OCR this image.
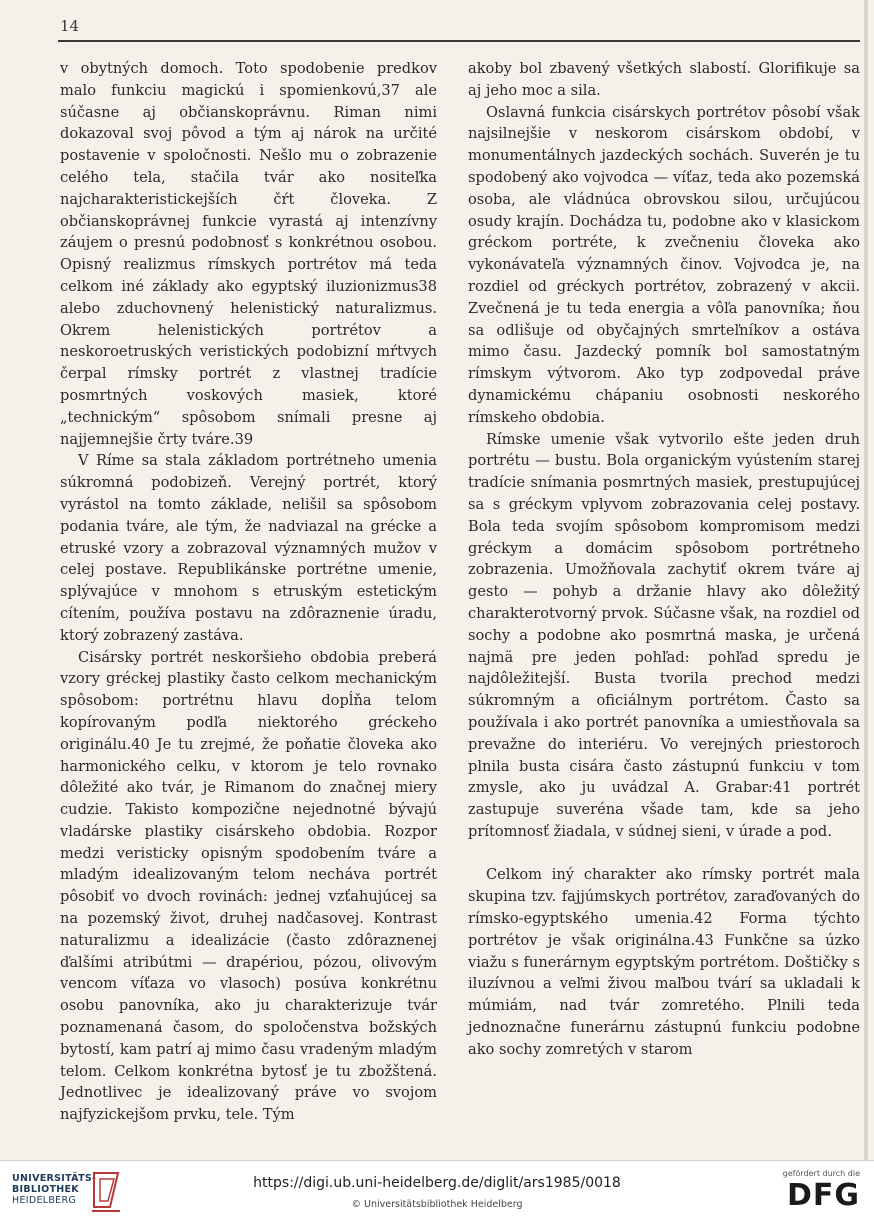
14

v obytných domoch. Toto spodobenie predkov malo funkciu magickú i spomienkovú,37 ale súčasne aj občianskoprávnu. Riman nimi dokazoval svoj pôvod a tým aj nárok na určité postavenie v spoločnosti. Nešlo mu o zobrazenie celého tela, stačila tvár ako nositeľka najcharakteristickejších čŕt človeka. Z občianskoprávnej funkcie vyrastá aj intenzívny záujem o presnú podobnosť s konkrétnou osobou. Opisný realizmus rímskych portrétov má teda celkom iné základy ako egyptský iluzionizmus38 alebo zduchovnený helenistický naturalizmus. Okrem helenistických portrétov a neskoroetruských veristických podobizní mŕtvych čerpal rímsky portrét z vlastnej tradície posmrtných voskových masiek, ktoré „technickým“ spôsobom snímali presne aj najjemnejšie črty tváre.39

V Ríme sa stala základom portrétneho umenia súkromná podobizeň. Verejný portrét, ktorý vyrástol na tomto základe, nelišil sa spôsobom podania tváre, ale tým, že nadviazal na grécke a etruské vzory a zobrazoval významných mužov v celej postave. Republikánske portrétne umenie, splývajúce v mnohom s etruským estetickým cítením, používa postavu na zdôraznenie úradu, ktorý zobrazený zastáva.

Cisársky portrét neskoršieho obdobia preberá vzory gréckej plastiky často celkom mechanickým spôsobom: portrétnu hlavu dopĺňa telom kopírovaným podľa niektorého gréckeho originálu.40 Je tu zrejmé, že poňatie človeka ako harmonického celku, v ktorom je telo rovnako dôležité ako tvár, je Rimanom do značnej miery cudzie. Takisto kompozične nejednotné bývajú vladárske plastiky cisárskeho obdobia. Rozpor medzi veristicky opisným spodobením tváre a mladým idealizovaným telom necháva portrét pôsobiť vo dvoch rovinách: jednej vzťahujúcej sa na pozemský život, druhej nadčasovej. Kontrast naturalizmu a idealizácie (často zdôraznenej ďalšími atribútmi — drapériou, pózou, olivovým vencom víťaza vo vlasoch) posúva konkrétnu osobu panovníka, ako ju charakterizuje tvár poznamenaná časom, do spoločenstva božských bytostí, kam patrí aj mimo času vradeným mladým telom. Celkom konkrétna bytosť je tu zbožštená. Jednotlivec je idealizovaný práve vo svojom najfyzickejšom prvku, tele. Tým

akoby bol zbavený všetkých slabostí. Glorifikuje sa aj jeho moc a sila.

Oslavná funkcia cisárskych portrétov pôsobí však najsilnejšie v neskorom cisárskom období, v monumentálnych jazdeckých sochách. Suverén je tu spodobený ako vojvodca — víťaz, teda ako pozemská osoba, ale vládnúca obrovskou silou, určujúcou osudy krajín. Dochádza tu, podobne ako v klasickom gréckom portréte, k zvečneniu človeka ako vykonávateľa významných činov. Vojvodca je, na rozdiel od gréckych portrétov, zobrazený v akcii. Zvečnená je tu teda energia a vôľa panovníka; ňou sa odlišuje od obyčajných smrteľníkov a ostáva mimo času. Jazdecký pomník bol samostatným rímskym výtvorom. Ako typ zodpovedal práve dynamickému chápaniu osobnosti neskorého rímskeho obdobia.

Rímske umenie však vytvorilo ešte jeden druh portrétu — bustu. Bola organickým vyústením starej tradície snímania posmrtných masiek, prestupujúcej sa s gréckym vplyvom zobrazovania celej postavy. Bola teda svojím spôsobom kompromisom medzi gréckym a domácim spôsobom portrétneho zobrazenia. Umožňovala zachytiť okrem tváre aj gesto — pohyb a držanie hlavy ako dôležitý charakterotvorný prvok. Súčasne však, na rozdiel od sochy a podobne ako posmrtná maska, je určená najmä pre jeden pohľad: pohľad spredu je najdôležitejší. Busta tvorila prechod medzi súkromným a oficiálnym portrétom. Často sa používala i ako portrét panovníka a umiestňovala sa prevažne do interiéru. Vo verejných priestoroch plnila busta cisára často zástupnú funkciu v tom zmysle, ako ju uvádzal A. Grabar:41 portrét zastupuje suveréna všade tam, kde sa jeho prítomnosť žiadala, v súdnej sieni, v úrade a pod.

Celkom iný charakter ako rímsky portrét mala skupina tzv. fajjúmskych portrétov, zaraďovaných do rímsko-egyptského umenia.42 Forma týchto portrétov je však originálna.43 Funkčne sa úzko viažu s funerárnym egyptským portrétom. Doštičky s iluzívnou a veľmi živou maľbou tvárí sa ukladali k múmiám, nad tvár zomretého. Plnili teda jednoznačne funerárnu zástupnú funkciu podobne ako sochy zomretých v starom

UNIVERSITÄTS-
BIBLIOTHEK
HEIDELBERG
https://digi.ub.uni-heidelberg.de/diglit/ars1985/0018
© Universitätsbibliothek Heidelberg
gefördert durch die
DFG
